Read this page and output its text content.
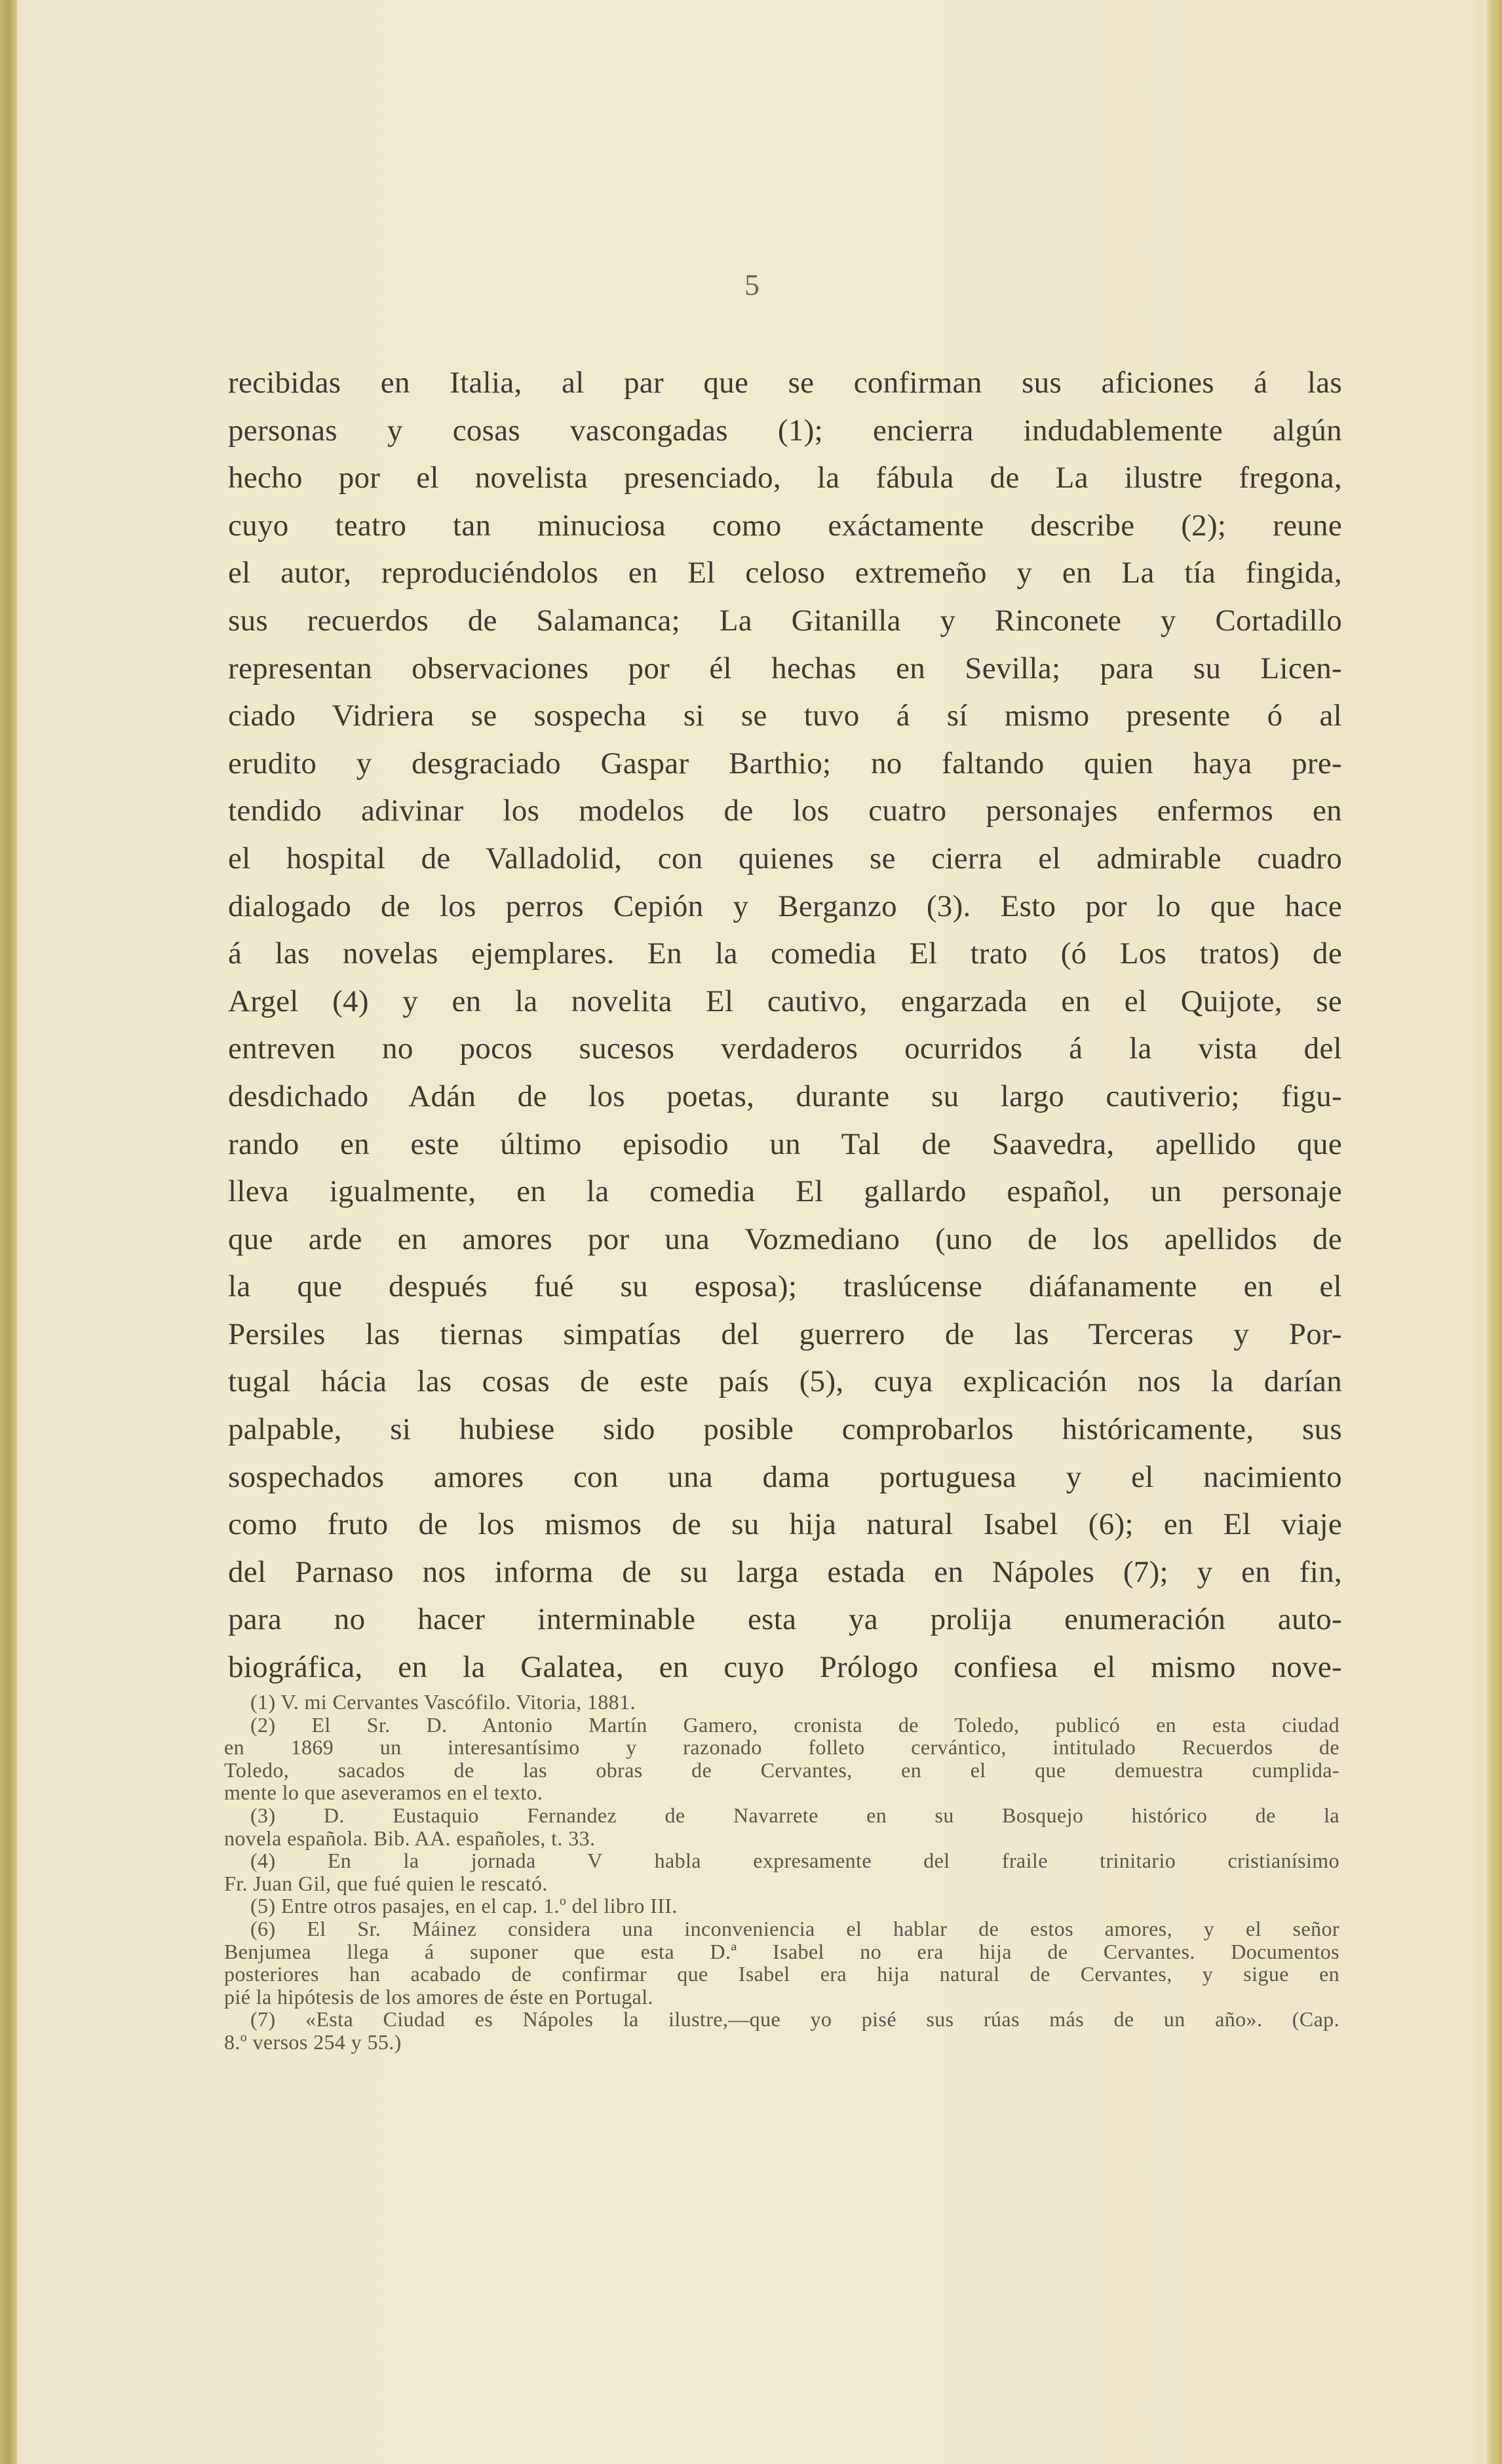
5
recibidas en Italia, al par que se confirman sus aficiones á las
personas y cosas vascongadas (1); encierra indudablemente algún
hecho por el novelista presenciado, la fábula de La ilustre fregona,
cuyo teatro tan minuciosa como exáctamente describe (2); reune
el autor, reproduciéndolos en El celoso extremeño y en La tía fingida,
sus recuerdos de Salamanca; La Gitanilla y Rinconete y Cortadillo
representan observaciones por él hechas en Sevilla; para su Licen-
ciado Vidriera se sospecha si se tuvo á sí mismo presente ó al
erudito y desgraciado Gaspar Barthio; no faltando quien haya pre-
tendido adivinar los modelos de los cuatro personajes enfermos en
el hospital de Valladolid, con quienes se cierra el admirable cuadro
dialogado de los perros Cepión y Berganzo (3). Esto por lo que hace
á las novelas ejemplares. En la comedia El trato (ó Los tratos) de
Argel (4) y en la novelita El cautivo, engarzada en el Quijote, se
entreven no pocos sucesos verdaderos ocurridos á la vista del
desdichado Adán de los poetas, durante su largo cautiverio; figu-
rando en este último episodio un Tal de Saavedra, apellido que
lleva igualmente, en la comedia El gallardo español, un personaje
que arde en amores por una Vozmediano (uno de los apellidos de
la que después fué su esposa); traslúcense diáfanamente en el
Persiles las tiernas simpatías del guerrero de las Terceras y Por-
tugal hácia las cosas de este país (5), cuya explicación nos la darían
palpable, si hubiese sido posible comprobarlos históricamente, sus
sospechados amores con una dama portuguesa y el nacimiento
como fruto de los mismos de su hija natural Isabel (6); en El viaje
del Parnaso nos informa de su larga estada en Nápoles (7); y en fin,
para no hacer interminable esta ya prolija enumeración auto-
biográfica, en la Galatea, en cuyo Prólogo confiesa el mismo nove-
(1) V. mi Cervantes Vascófilo. Vitoria, 1881.
(2) El Sr. D. Antonio Martín Gamero, cronista de Toledo, publicó en esta ciudad
en 1869 un interesantísimo y razonado folleto cervántico, intitulado Recuerdos de
Toledo, sacados de las obras de Cervantes, en el que demuestra cumplida-
mente lo que aseveramos en el texto.
(3) D. Eustaquio Fernandez de Navarrete en su Bosquejo histórico de la
novela española. Bib. AA. españoles, t. 33.
(4) En la jornada V habla expresamente del fraile trinitario cristianísimo
Fr. Juan Gil, que fué quien le rescató.
(5) Entre otros pasajes, en el cap. 1.º del libro III.
(6) El Sr. Máinez considera una inconveniencia el hablar de estos amores, y el señor
Benjumea llega á suponer que esta D.ª Isabel no era hija de Cervantes. Documentos
posteriores han acabado de confirmar que Isabel era hija natural de Cervantes, y sigue en
pié la hipótesis de los amores de éste en Portugal.
(7) «Esta Ciudad es Nápoles la ilustre,—que yo pisé sus rúas más de un año». (Cap.
8.º versos 254 y 55.)
